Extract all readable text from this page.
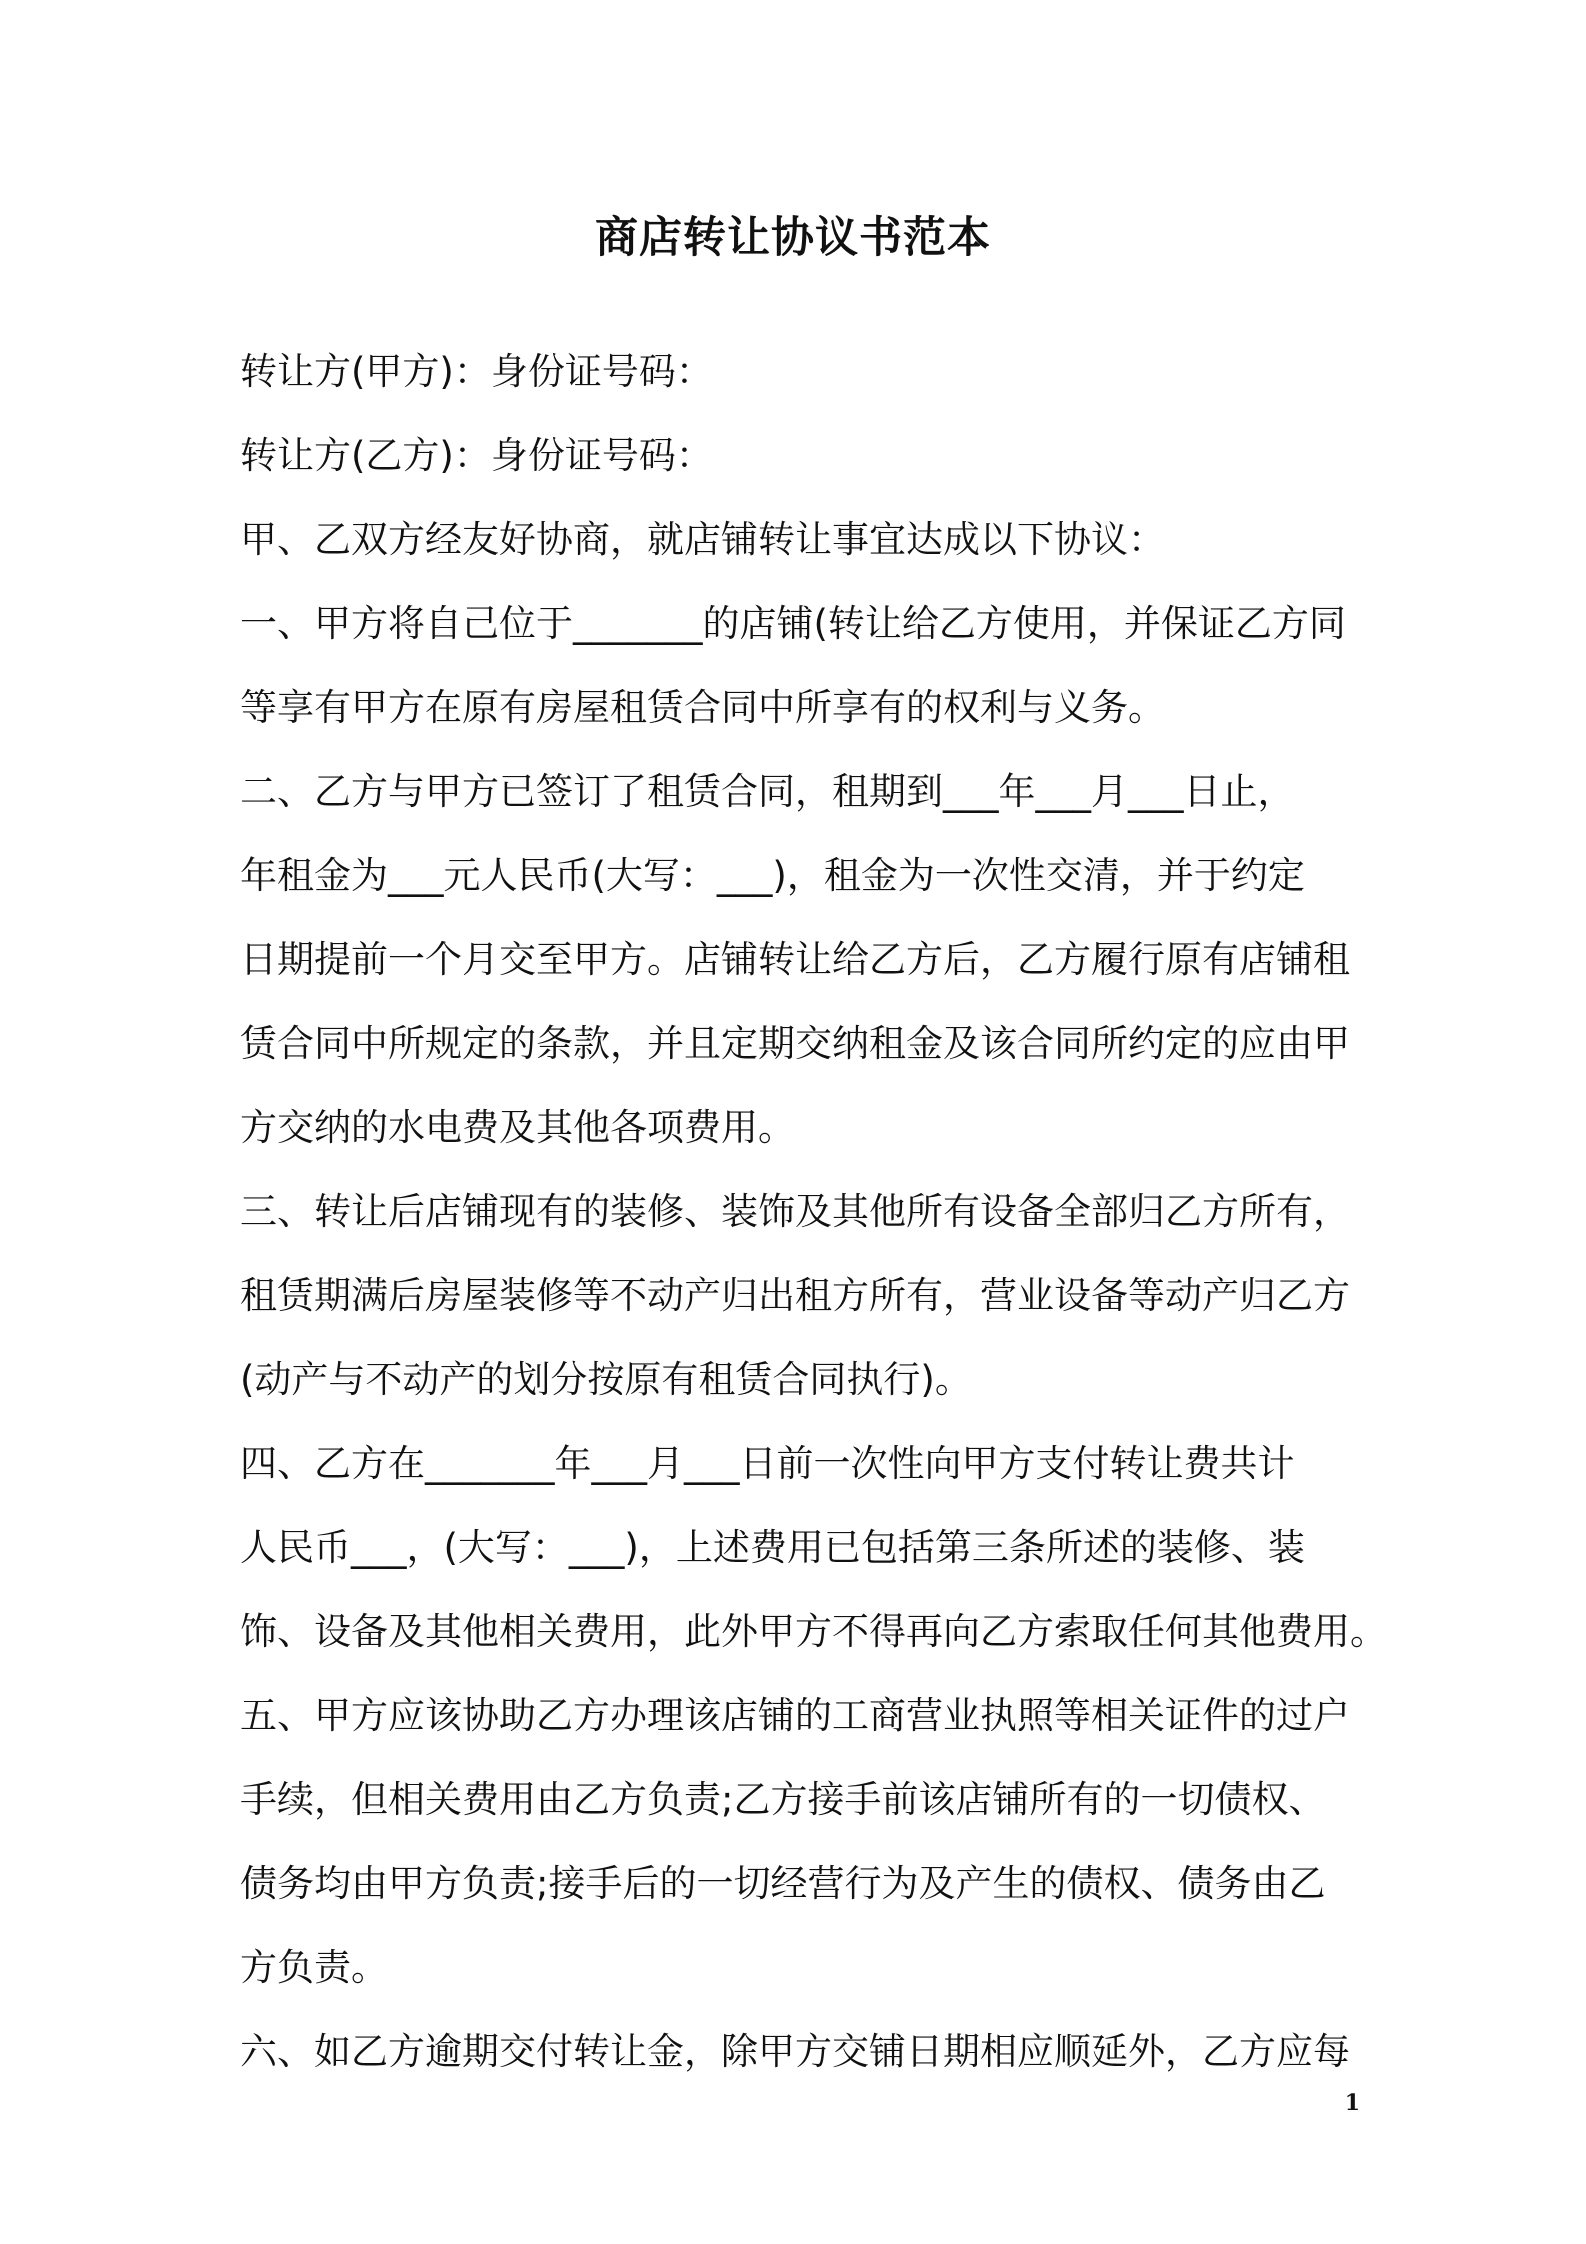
商店转让协议书范本
转让方(甲方)：身份证号码：
转让方(乙方)：身份证号码：
甲、乙双方经友好协商，就店铺转让事宜达成以下协议：
一、甲方将自己位于_______的店铺(转让给乙方使用，并保证乙方同
等享有甲方在原有房屋租赁合同中所享有的权利与义务。
二、乙方与甲方已签订了租赁合同，租期到___年___月___日止，
年租金为___元人民币(大写：___)，租金为一次性交清，并于约定
日期提前一个月交至甲方。店铺转让给乙方后，乙方履行原有店铺租
赁合同中所规定的条款，并且定期交纳租金及该合同所约定的应由甲
方交纳的水电费及其他各项费用。
三、转让后店铺现有的装修、装饰及其他所有设备全部归乙方所有，
租赁期满后房屋装修等不动产归出租方所有，营业设备等动产归乙方
(动产与不动产的划分按原有租赁合同执行)。
四、乙方在_______年___月___日前一次性向甲方支付转让费共计
人民币___，(大写：___)，上述费用已包括第三条所述的装修、装
饰、设备及其他相关费用，此外甲方不得再向乙方索取任何其他费用。
五、甲方应该协助乙方办理该店铺的工商营业执照等相关证件的过户
手续，但相关费用由乙方负责;乙方接手前该店铺所有的一切债权、
债务均由甲方负责;接手后的一切经营行为及产生的债权、债务由乙
方负责。
六、如乙方逾期交付转让金，除甲方交铺日期相应顺延外，乙方应每
1
